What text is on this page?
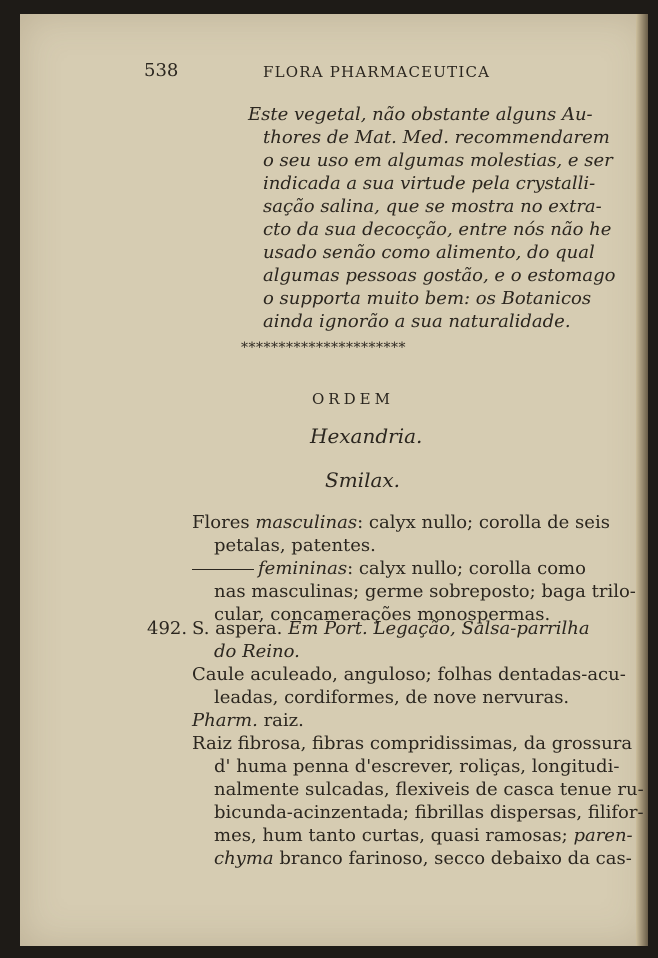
538	FLORA PHARMACEUTICA
Este vegetal, não obstante alguns Au-
thores de Mat. Med. recommendarem
o seu uso em algumas molestias, e ser
indicada a sua virtude pela crystalli-
sação salina, que se mostra no extra-
cto da sua decocção, entre nós não he
usado senão como alimento, do qual
algumas pessoas gostão, e o estomago
o supporta muito bem: os Botanicos
ainda ignorão a sua naturalidade.
**********************
ORDEM
Hexandria.
Smilax.
Flores masculinas: calyx nullo; corolla de seis
petalas, patentes.
femininas: calyx nullo; corolla como
nas masculinas; germe sobreposto; baga trilo-
cular, concamerações monospermas.
492. S. aspera. Em Port. Legação, Salsa-parrilha
do Reino.
Caule aculeado, anguloso; folhas dentadas-acu-
leadas, cordiformes, de nove nervuras.
Pharm. raiz.
Raiz fibrosa, fibras compridissimas, da grossura
d' huma penna d'escrever, roliças, longitudi-
nalmente sulcadas, flexiveis de casca tenue ru-
bicunda-acinzentada; fibrillas dispersas, filifor-
mes, hum tanto curtas, quasi ramosas; paren-
chyma branco farinoso, secco debaixo da cas-
